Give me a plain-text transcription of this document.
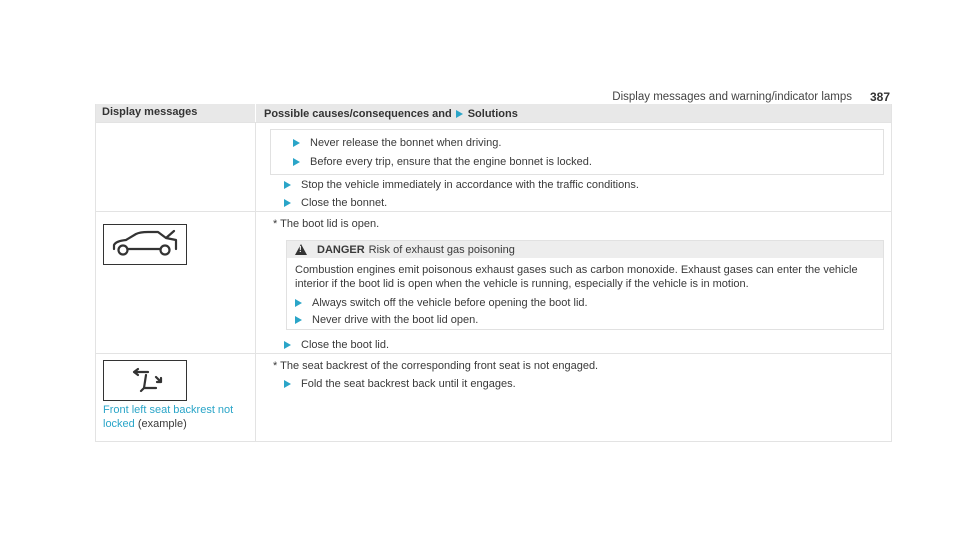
Display messages and warning/indicator lamps 387
Display messages	Possible causes/consequences and Solutions
Never release the bonnet when driving.
Before every trip, ensure that the engine bonnet is locked.
Stop the vehicle immediately in accordance with the traffic conditions.
Close the bonnet.
* The boot lid is open.
!
DANGER Risk of exhaust gas poisoning
Combustion engines emit poisonous exhaust gases such as carbon monoxide. Exhaust gases can enter the vehicle
interior if the boot lid is open when the vehicle is running, especially if the vehicle is in motion.
Always switch off the vehicle before opening the boot lid.
Never drive with the boot lid open.
Close the boot lid.
Front left seat backrest not
locked (example)
* The seat backrest of the corresponding front seat is not engaged.
Fold the seat backrest back until it engages.
